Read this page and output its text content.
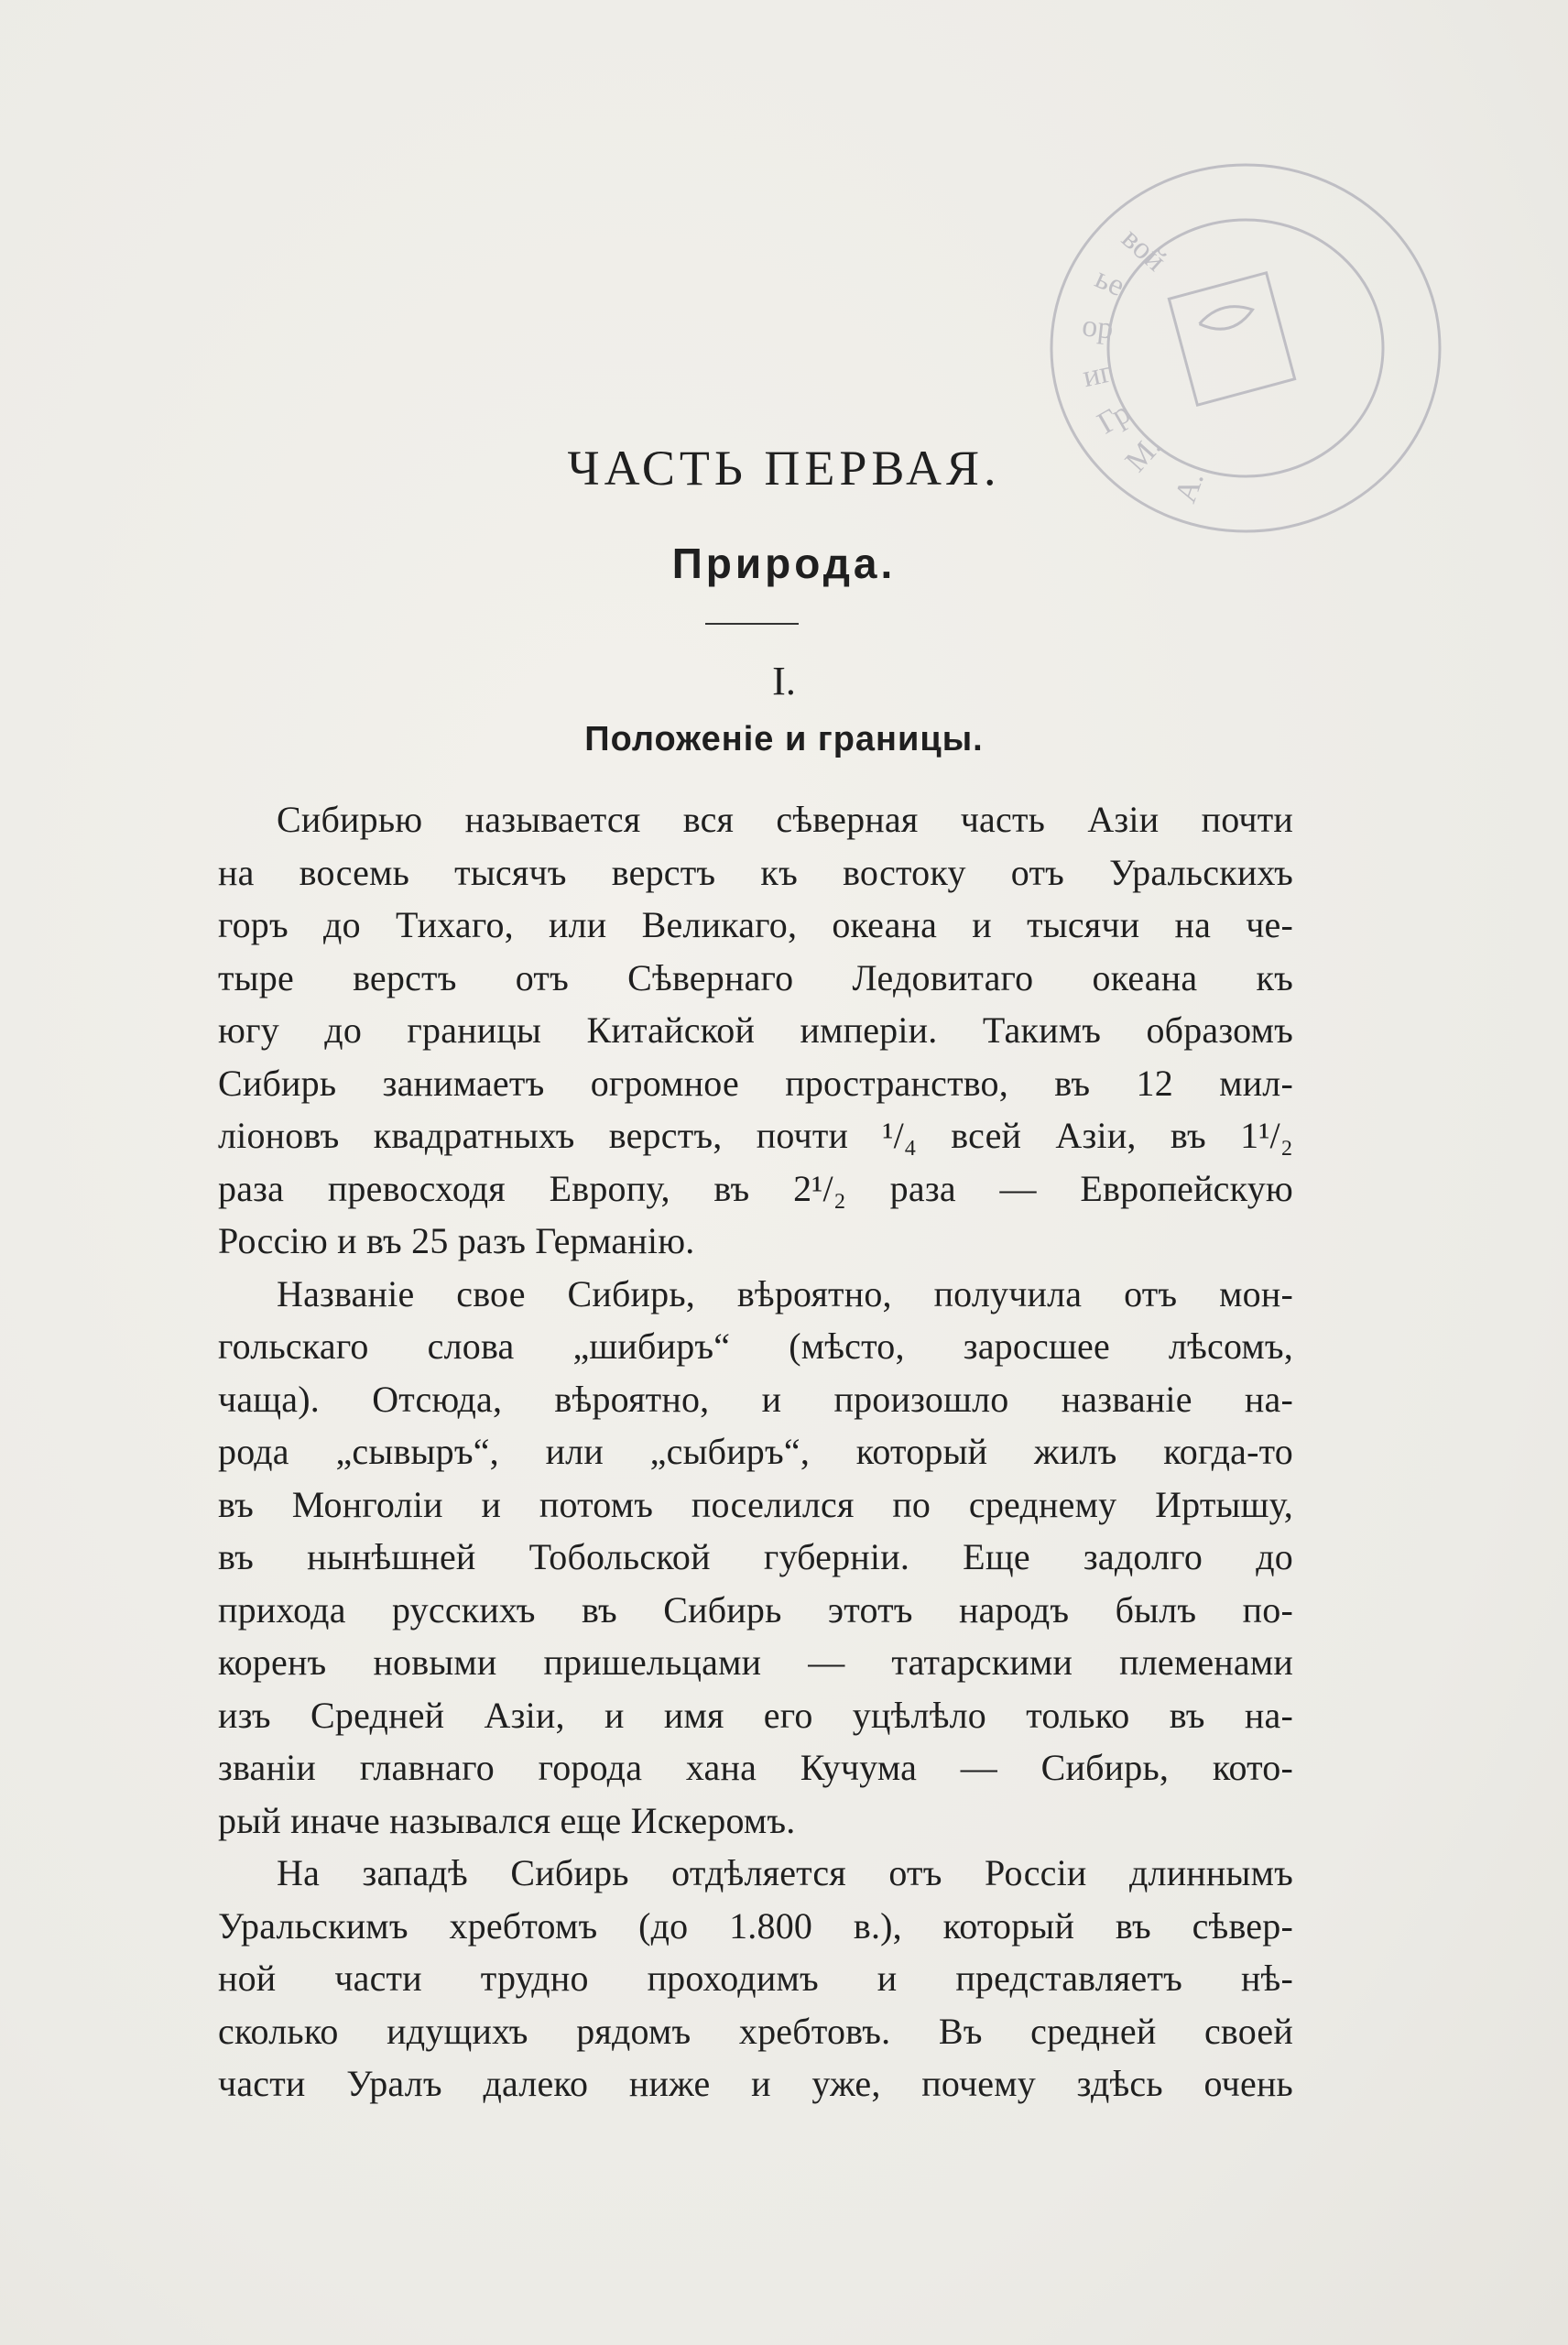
А.
М.
Гр
иг
ор
ье
вой
ЧАСТЬ ПЕРВАЯ.
Природа.
I.
Положеніе и границы.
Сибирью называется вся сѣверная часть Азіи почти
на восемь тысячъ верстъ къ востоку отъ Уральскихъ
горъ до Тихаго, или Великаго, океана и тысячи на че-
тыре верстъ отъ Сѣвернаго Ледовитаго океана къ
югу до границы Китайской имперіи. Такимъ образомъ
Сибирь занимаетъ огромное пространство, въ 12 мил-
ліоновъ квадратныхъ верстъ, почти ¹/₄ всей Азіи, въ 1¹/₂
раза превосходя Европу, въ 2¹/₂ раза — Европейскую
Россію и въ 25 разъ Германію.
Названіе свое Сибирь, вѣроятно, получила отъ мон-
гольскаго слова „шибиръ“ (мѣсто, заросшее лѣсомъ,
чаща). Отсюда, вѣроятно, и произошло названіе на-
рода „сывыръ“, или „сыбиръ“, который жилъ когда-то
въ Монголіи и потомъ поселился по среднему Иртышу,
въ нынѣшней Тобольской губерніи. Еще задолго до
прихода русскихъ въ Сибирь этотъ народъ былъ по-
коренъ новыми пришельцами — татарскими племенами
изъ Средней Азіи, и имя его уцѣлѣло только въ на-
званіи главнаго города хана Кучума — Сибирь, кото-
рый иначе назывался еще Искеромъ.
На западѣ Сибирь отдѣляется отъ Россіи длиннымъ
Уральскимъ хребтомъ (до 1.800 в.), который въ сѣвер-
ной части трудно проходимъ и представляетъ нѣ-
сколько идущихъ рядомъ хребтовъ. Въ средней своей
части Уралъ далеко ниже и уже, почему здѣсь очень
